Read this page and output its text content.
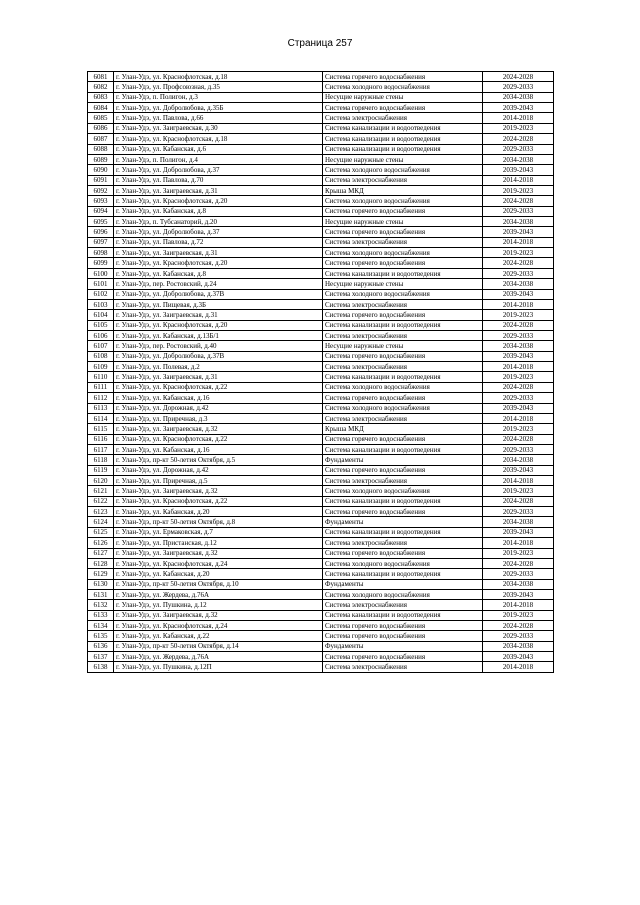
Страница 257
6081	г. Улан-Удэ, ул. Краснофлотская, д.18	Система горячего водоснабжения	2024-2028
6082	г. Улан-Удэ, ул. Профсоюзная, д.35	Система холодного водоснабжения	2029-2033
6083	г. Улан-Удэ, п. Полигон, д.3	Несущие наружные стены	2034-2038
6084	г. Улан-Удэ, ул. Добролюбова, д.35Б	Система горячего водоснабжения	2039-2043
6085	г. Улан-Удэ, ул. Павлова, д.66	Система электроснабжения	2014-2018
6086	г. Улан-Удэ, ул. Заиграевская, д.30	Система канализации и водоотведения	2019-2023
6087	г. Улан-Удэ, ул. Краснофлотская, д.18	Система канализации и водоотведения	2024-2028
6088	г. Улан-Удэ, ул. Кабанская, д.6	Система канализации и водоотведения	2029-2033
6089	г. Улан-Удэ, п. Полигон, д.4	Несущие наружные стены	2034-2038
6090	г. Улан-Удэ, ул. Добролюбова, д.37	Система холодного водоснабжения	2039-2043
6091	г. Улан-Удэ, ул. Павлова, д.70	Система электроснабжения	2014-2018
6092	г. Улан-Удэ, ул. Заиграевская, д.31	Крыша МКД	2019-2023
6093	г. Улан-Удэ, ул. Краснофлотская, д.20	Система холодного водоснабжения	2024-2028
6094	г. Улан-Удэ, ул. Кабанская, д.8	Система горячего водоснабжения	2029-2033
6095	г. Улан-Удэ, п. Тубсанаторий, д.20	Несущие наружные стены	2034-2038
6096	г. Улан-Удэ, ул. Добролюбова, д.37	Система горячего водоснабжения	2039-2043
6097	г. Улан-Удэ, ул. Павлова, д.72	Система электроснабжения	2014-2018
6098	г. Улан-Удэ, ул. Заиграевская, д.31	Система холодного водоснабжения	2019-2023
6099	г. Улан-Удэ, ул. Краснофлотская, д.20	Система горячего водоснабжения	2024-2028
6100	г. Улан-Удэ, ул. Кабанская, д.8	Система канализации и водоотведения	2029-2033
6101	г. Улан-Удэ, пер. Ростовский, д.24	Несущие наружные стены	2034-2038
6102	г. Улан-Удэ, ул. Добролюбова, д.37В	Система холодного водоснабжения	2039-2043
6103	г. Улан-Удэ, ул. Пищевая, д.3Б	Система электроснабжения	2014-2018
6104	г. Улан-Удэ, ул. Заиграевская, д.31	Система горячего водоснабжения	2019-2023
6105	г. Улан-Удэ, ул. Краснофлотская, д.20	Система канализации и водоотведения	2024-2028
6106	г. Улан-Удэ, ул. Кабанская, д.13Б/1	Система электроснабжения	2029-2033
6107	г. Улан-Удэ, пер. Ростовский, д.40	Несущие наружные стены	2034-2038
6108	г. Улан-Удэ, ул. Добролюбова, д.37В	Система горячего водоснабжения	2039-2043
6109	г. Улан-Удэ, ул. Полевая, д.2	Система электроснабжения	2014-2018
6110	г. Улан-Удэ, ул. Заиграевская, д.31	Система канализации и водоотведения	2019-2023
6111	г. Улан-Удэ, ул. Краснофлотская, д.22	Система холодного водоснабжения	2024-2028
6112	г. Улан-Удэ, ул. Кабанская, д.16	Система горячего водоснабжения	2029-2033
6113	г. Улан-Удэ, ул. Дорожная, д.42	Система холодного водоснабжения	2039-2043
6114	г. Улан-Удэ, ул. Приречная, д.3	Система электроснабжения	2014-2018
6115	г. Улан-Удэ, ул. Заиграевская, д.32	Крыша МКД	2019-2023
6116	г. Улан-Удэ, ул. Краснофлотская, д.22	Система горячего водоснабжения	2024-2028
6117	г. Улан-Удэ, ул. Кабанская, д.16	Система канализации и водоотведения	2029-2033
6118	г. Улан-Удэ, пр-кт 50-летия Октября, д.5	Фундаменты	2034-2038
6119	г. Улан-Удэ, ул. Дорожная, д.42	Система горячего водоснабжения	2039-2043
6120	г. Улан-Удэ, ул. Приречная, д.5	Система электроснабжения	2014-2018
6121	г. Улан-Удэ, ул. Заиграевская, д.32	Система холодного водоснабжения	2019-2023
6122	г. Улан-Удэ, ул. Краснофлотская, д.22	Система канализации и водоотведения	2024-2028
6123	г. Улан-Удэ, ул. Кабанская, д.20	Система горячего водоснабжения	2029-2033
6124	г. Улан-Удэ, пр-кт 50-летия Октября, д.8	Фундаменты	2034-2038
6125	г. Улан-Удэ, ул. Ермаковская, д.7	Система канализации и водоотведения	2039-2043
6126	г. Улан-Удэ, ул. Пристанская, д.12	Система электроснабжения	2014-2018
6127	г. Улан-Удэ, ул. Заиграевская, д.32	Система горячего водоснабжения	2019-2023
6128	г. Улан-Удэ, ул. Краснофлотская, д.24	Система холодного водоснабжения	2024-2028
6129	г. Улан-Удэ, ул. Кабанская, д.20	Система канализации и водоотведения	2029-2033
6130	г. Улан-Удэ, пр-кт 50-летия Октября, д.10	Фундаменты	2034-2038
6131	г. Улан-Удэ, ул. Жердева, д.76А	Система холодного водоснабжения	2039-2043
6132	г. Улан-Удэ, ул. Пушкина, д.12	Система электроснабжения	2014-2018
6133	г. Улан-Удэ, ул. Заиграевская, д.32	Система канализации и водоотведения	2019-2023
6134	г. Улан-Удэ, ул. Краснофлотская, д.24	Система горячего водоснабжения	2024-2028
6135	г. Улан-Удэ, ул. Кабанская, д.22	Система горячего водоснабжения	2029-2033
6136	г. Улан-Удэ, пр-кт 50-летия Октября, д.14	Фундаменты	2034-2038
6137	г. Улан-Удэ, ул. Жердева, д.76А	Система горячего водоснабжения	2039-2043
6138	г. Улан-Удэ, ул. Пушкина, д.12П	Система электроснабжения	2014-2018
